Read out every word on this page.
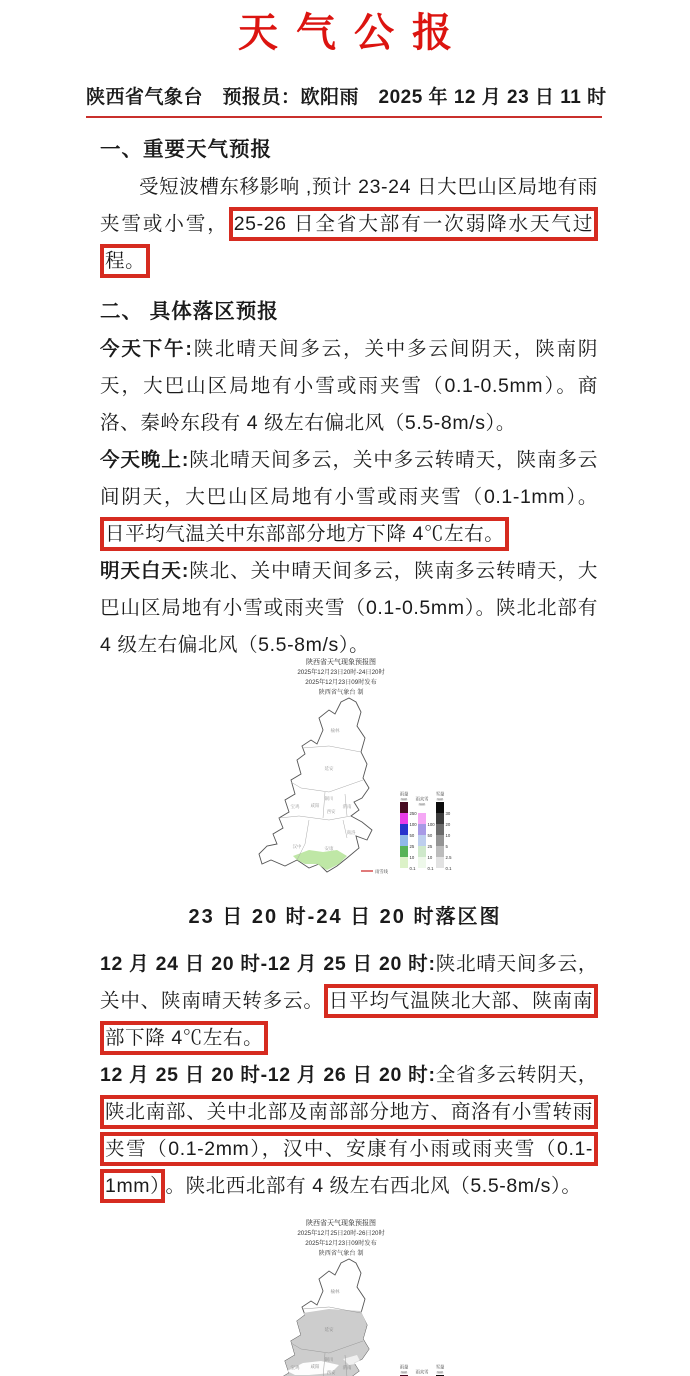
天气公报
陕西省气象台　预报员：欧阳雨　2025 年 12 月 23 日 11 时
一、重要天气预报

受短波槽东移影响 ,预计 23-24 日大巴山区局地有雨夹雪或小雪， 25-26 日全省大部有一次弱降水天气过程。

二、 具体落区预报

今天下午:陕北晴天间多云，关中多云间阴天，陕南阴天，大巴山区局地有小雪或雨夹雪（0.1-0.5mm）。商洛、秦岭东段有 4 级左右偏北风（5.5-8m/s）。

今天晚上:陕北晴天间多云，关中多云转晴天，陕南多云间阴天，大巴山区局地有小雪或雨夹雪（0.1-1mm）。日平均气温关中东部部分地方下降 4℃左右。

明天白天:陕北、关中晴天间多云，陕南多云转晴天，大巴山区局地有小雪或雨夹雪（0.1-0.5mm）。陕北北部有 4 级左右偏北风（5.5-8m/s）。

陕西省天气现象预报图
2025年12月23日20时-24日20时
2025年12月23日09时发布
陕西省气象台 制
榆林
延安
铜川
渭南
西安
咸阳
宝鸡
汉中	安康
商洛
雨量
mm
250
100
50
25
10
0.1
雨夹雪
mm
100
50
25
10
0.1
雪量
mm
30
20
10
5
2.5
0.1
雨雪线
23 日 20 时-24 日 20 时落区图

12 月 24 日 20 时-12 月 25 日 20 时:陕北晴天间多云，关中、陕南晴天转多云。 日平均气温陕北大部、陕南南部下降 4℃左右。

12 月 25 日 20 时-12 月 26 日 20 时:全省多云转阴天，陕北南部、关中北部及南部部分地方、商洛有小雪转雨夹雪（0.1-2mm），汉中、安康有小雨或雨夹雪（0.1-1mm） 。陕北西北部有 4 级左右西北风（5.5-8m/s）。

陕西省天气现象预报图
2025年12月25日20时-26日20时
2025年12月23日09时发布
陕西省气象台 制
榆林
延安
铜川
渭南
西安
咸阳
宝鸡	雨量
mm 雨夹雪
雪量
mm
